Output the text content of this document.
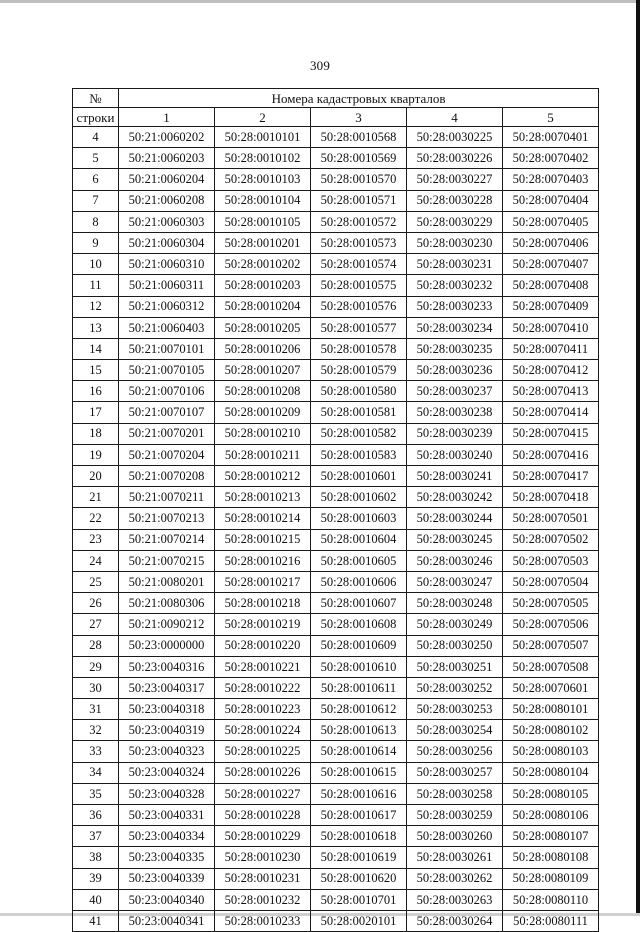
309
№	Номера кадастровых кварталов				
строки	1	2	3	4	5
4	50:21:0060202	50:28:0010101	50:28:0010568	50:28:0030225	50:28:0070401
5	50:21:0060203	50:28:0010102	50:28:0010569	50:28:0030226	50:28:0070402
6	50:21:0060204	50:28:0010103	50:28:0010570	50:28:0030227	50:28:0070403
7	50:21:0060208	50:28:0010104	50:28:0010571	50:28:0030228	50:28:0070404
8	50:21:0060303	50:28:0010105	50:28:0010572	50:28:0030229	50:28:0070405
9	50:21:0060304	50:28:0010201	50:28:0010573	50:28:0030230	50:28:0070406
10	50:21:0060310	50:28:0010202	50:28:0010574	50:28:0030231	50:28:0070407
11	50:21:0060311	50:28:0010203	50:28:0010575	50:28:0030232	50:28:0070408
12	50:21:0060312	50:28:0010204	50:28:0010576	50:28:0030233	50:28:0070409
13	50:21:0060403	50:28:0010205	50:28:0010577	50:28:0030234	50:28:0070410
14	50:21:0070101	50:28:0010206	50:28:0010578	50:28:0030235	50:28:0070411
15	50:21:0070105	50:28:0010207	50:28:0010579	50:28:0030236	50:28:0070412
16	50:21:0070106	50:28:0010208	50:28:0010580	50:28:0030237	50:28:0070413
17	50:21:0070107	50:28:0010209	50:28:0010581	50:28:0030238	50:28:0070414
18	50:21:0070201	50:28:0010210	50:28:0010582	50:28:0030239	50:28:0070415
19	50:21:0070204	50:28:0010211	50:28:0010583	50:28:0030240	50:28:0070416
20	50:21:0070208	50:28:0010212	50:28:0010601	50:28:0030241	50:28:0070417
21	50:21:0070211	50:28:0010213	50:28:0010602	50:28:0030242	50:28:0070418
22	50:21:0070213	50:28:0010214	50:28:0010603	50:28:0030244	50:28:0070501
23	50:21:0070214	50:28:0010215	50:28:0010604	50:28:0030245	50:28:0070502
24	50:21:0070215	50:28:0010216	50:28:0010605	50:28:0030246	50:28:0070503
25	50:21:0080201	50:28:0010217	50:28:0010606	50:28:0030247	50:28:0070504
26	50:21:0080306	50:28:0010218	50:28:0010607	50:28:0030248	50:28:0070505
27	50:21:0090212	50:28:0010219	50:28:0010608	50:28:0030249	50:28:0070506
28	50:23:0000000	50:28:0010220	50:28:0010609	50:28:0030250	50:28:0070507
29	50:23:0040316	50:28:0010221	50:28:0010610	50:28:0030251	50:28:0070508
30	50:23:0040317	50:28:0010222	50:28:0010611	50:28:0030252	50:28:0070601
31	50:23:0040318	50:28:0010223	50:28:0010612	50:28:0030253	50:28:0080101
32	50:23:0040319	50:28:0010224	50:28:0010613	50:28:0030254	50:28:0080102
33	50:23:0040323	50:28:0010225	50:28:0010614	50:28:0030256	50:28:0080103
34	50:23:0040324	50:28:0010226	50:28:0010615	50:28:0030257	50:28:0080104
35	50:23:0040328	50:28:0010227	50:28:0010616	50:28:0030258	50:28:0080105
36	50:23:0040331	50:28:0010228	50:28:0010617	50:28:0030259	50:28:0080106
37	50:23:0040334	50:28:0010229	50:28:0010618	50:28:0030260	50:28:0080107
38	50:23:0040335	50:28:0010230	50:28:0010619	50:28:0030261	50:28:0080108
39	50:23:0040339	50:28:0010231	50:28:0010620	50:28:0030262	50:28:0080109
40	50:23:0040340	50:28:0010232	50:28:0010701	50:28:0030263	50:28:0080110
41	50:23:0040341	50:28:0010233	50:28:0020101	50:28:0030264	50:28:0080111
